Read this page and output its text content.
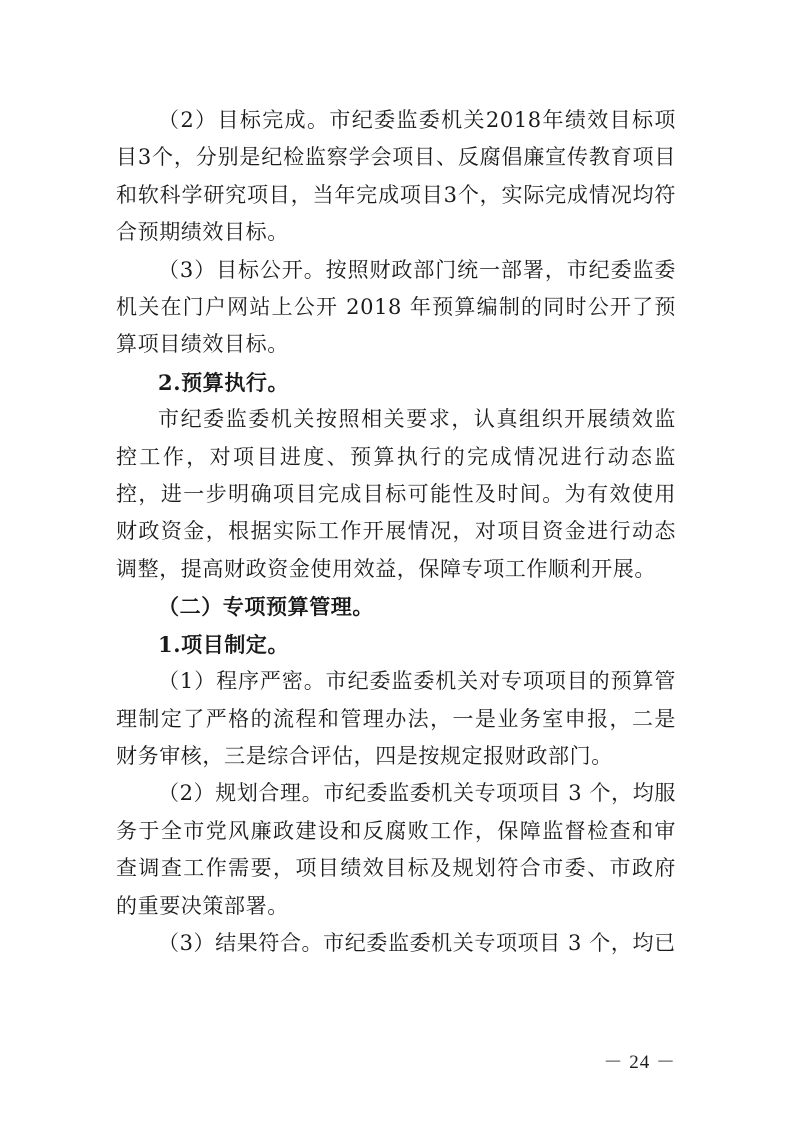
（2）目标完成。市纪委监委机关2018年绩效目标项目3个，分别是纪检监察学会项目、反腐倡廉宣传教育项目和软科学研究项目，当年完成项目3个，实际完成情况均符合预期绩效目标。

（3）目标公开。按照财政部门统一部署，市纪委监委机关在门户网站上公开 2018 年预算编制的同时公开了预算项目绩效目标。

2.预算执行。

市纪委监委机关按照相关要求，认真组织开展绩效监控工作，对项目进度、预算执行的完成情况进行动态监控，进一步明确项目完成目标可能性及时间。为有效使用财政资金，根据实际工作开展情况，对项目资金进行动态调整，提高财政资金使用效益，保障专项工作顺利开展。

（二）专项预算管理。

1.项目制定。

（1）程序严密。市纪委监委机关对专项项目的预算管理制定了严格的流程和管理办法，一是业务室申报，二是财务审核，三是综合评估，四是按规定报财政部门。

（2）规划合理。市纪委监委机关专项项目 3 个，均服务于全市党风廉政建设和反腐败工作，保障监督检查和审查调查工作需要，项目绩效目标及规划符合市委、市政府的重要决策部署。

（3）结果符合。市纪委监委机关专项项目 3 个，均已

－ 24 －
